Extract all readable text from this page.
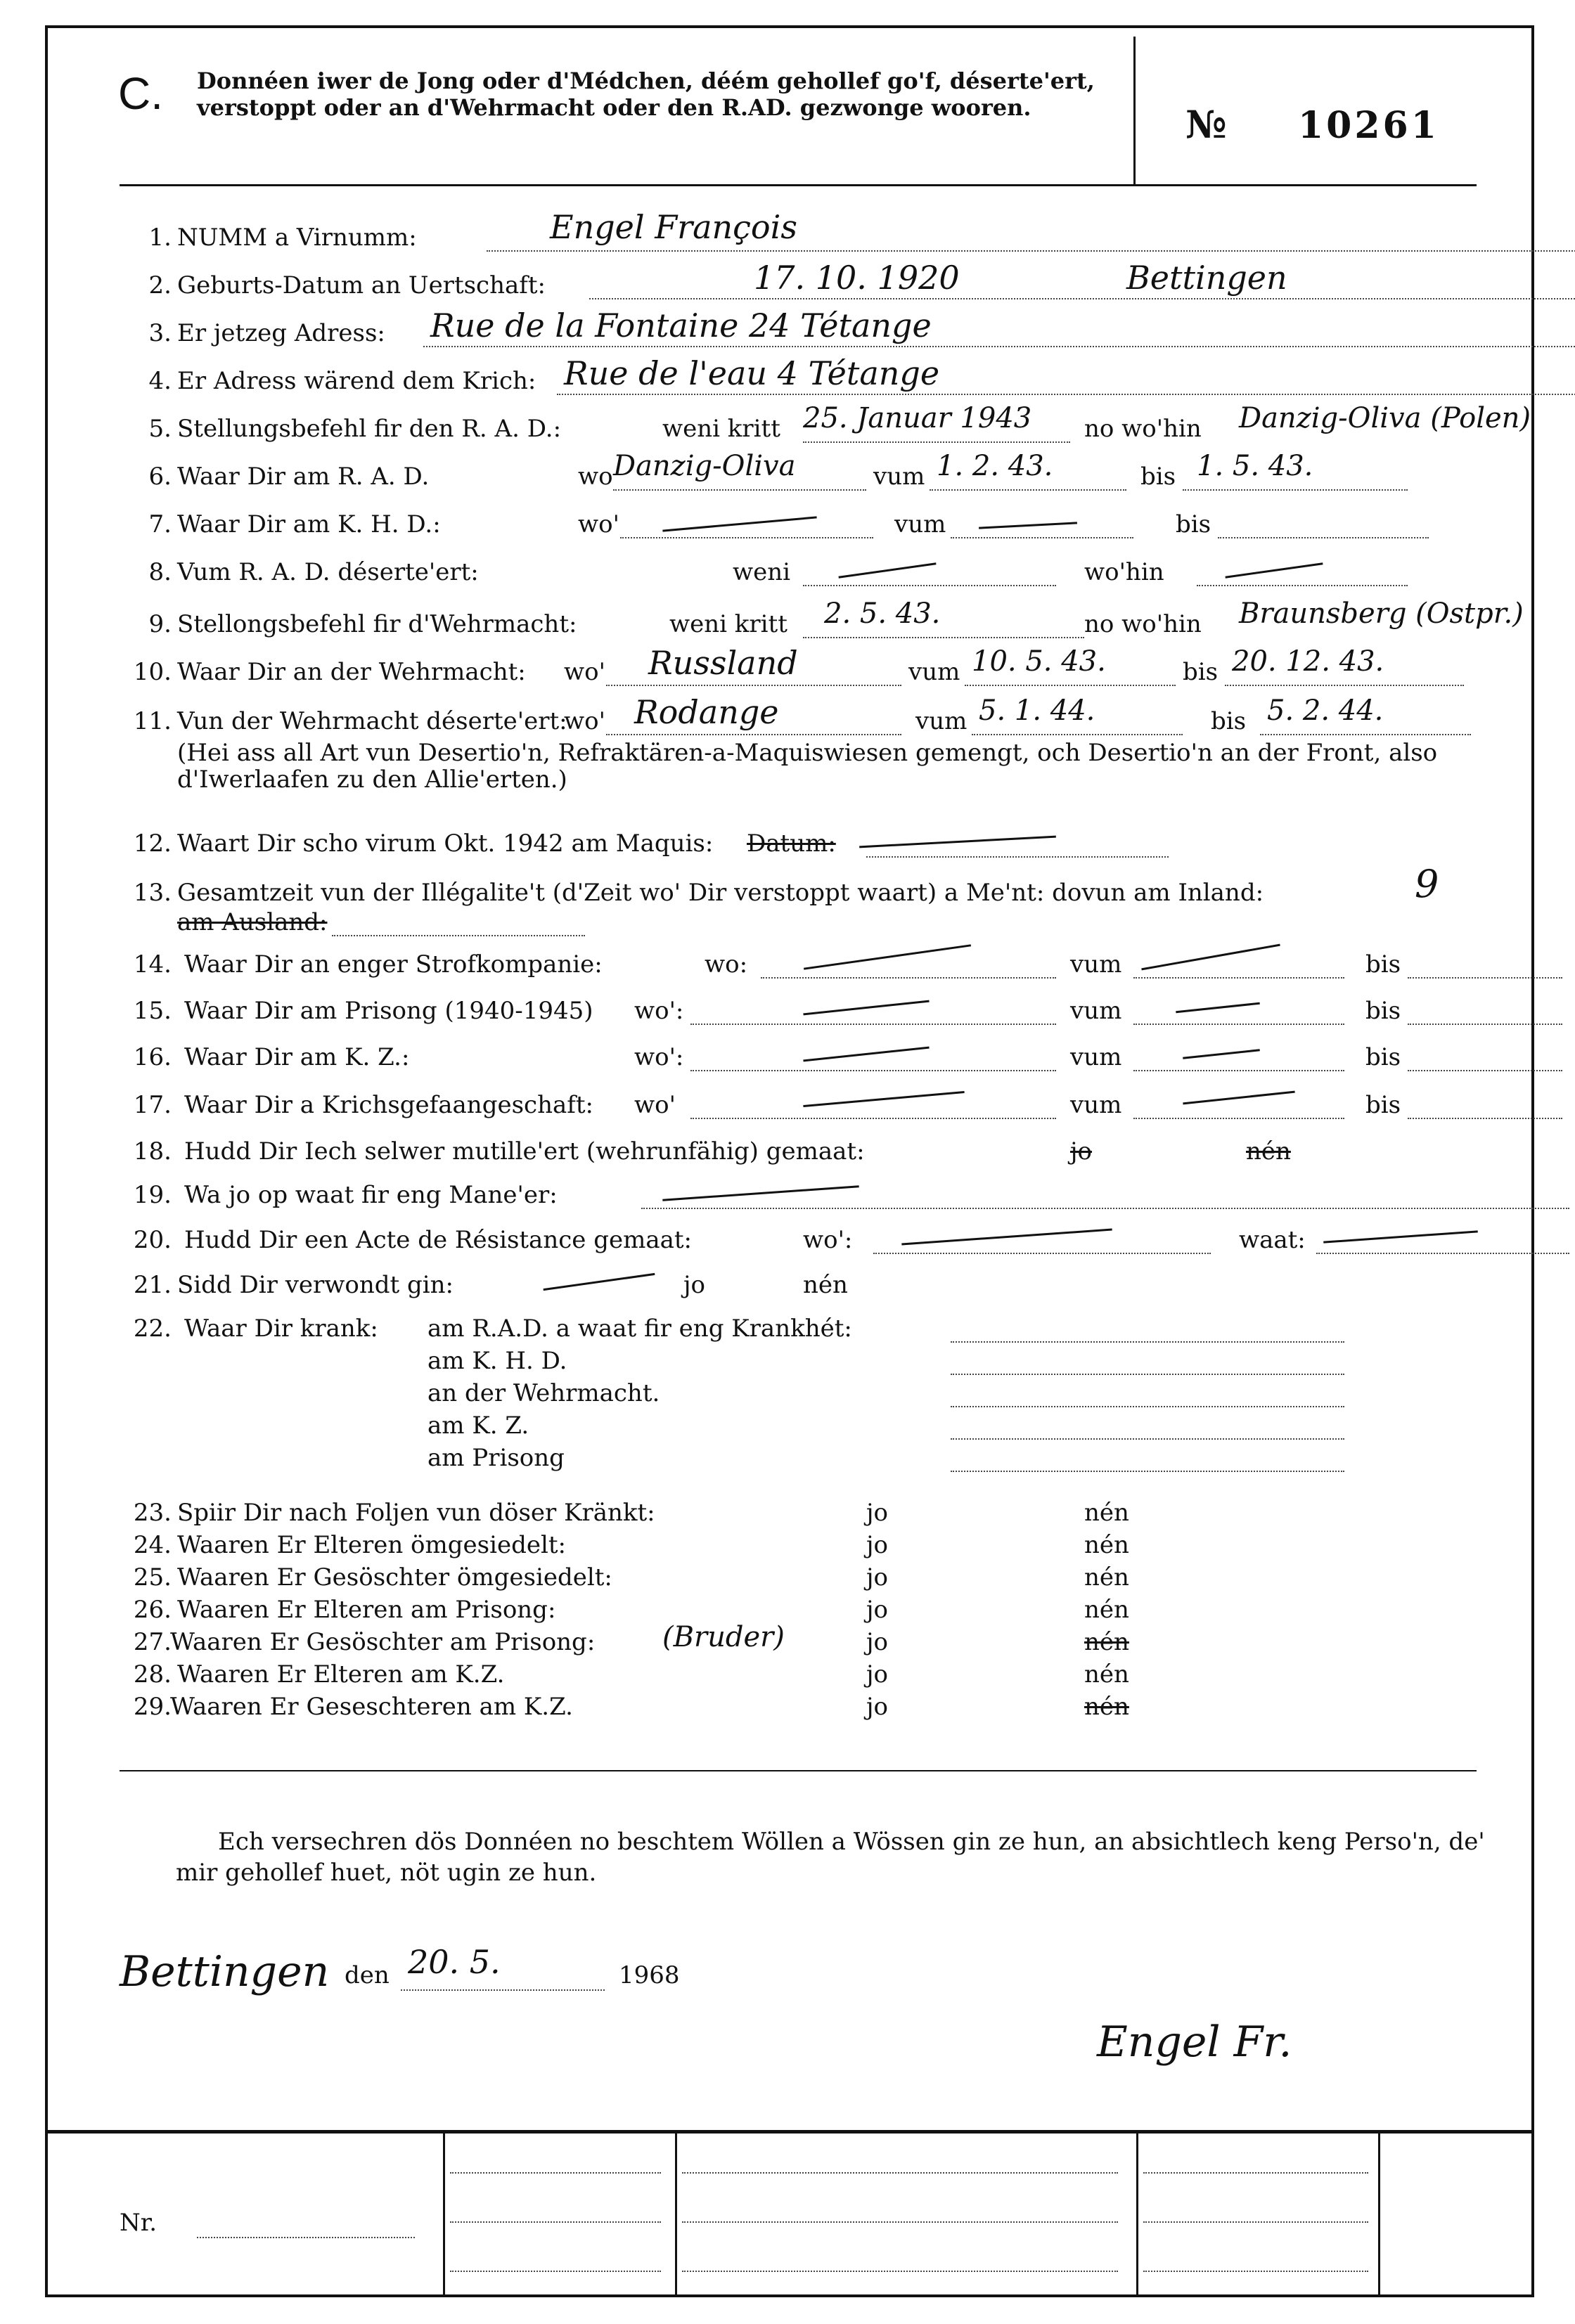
C. Donnéen iwer de Jong oder d'Médchen, déém gehollef go'f, déserte'ert, verstoppt oder an d'Wehrmacht oder den R.AD. gezwonge wooren.	№ 10261
1. NUMM a Virnumm:	Engel François
2. Geburts-Datum an Uertschaft:	17. 10. 1920	Bettingen
3. Er jetzeg Adress: Rue de la Fontaine 24 Tétange
4. Er Adress wärend dem Krich: Rue de l'eau 4 Tétange
5. Stellungsbefehl fir den R. A. D.:	weni kritt 25. Januar 1943 no wo'hin Danzig-Oliva (Polen)
6. Waar Dir am R. A. D.	wo Danzig-Oliva	vum 1. 2. 43.	bis 1. 5. 43.
7. Waar Dir am K. H. D.:	wo'	vum	bis
8. Vum R. A. D. déserte'ert:	weni	wo'hin
9. Stellongsbefehl fir d'Wehrmacht:	weni kritt 2. 5. 43.	no wo'hin Braunsberg (Ostpr.)
10. Waar Dir an der Wehrmacht: wo' Russland	vum 10. 5. 43.	bis 20. 12. 43.
11. Vun der Wehrmacht déserte'ert:
wo' Rodange	vum 5. 1. 44.	bis 5. 2. 44.
(Hei ass all Art vun Desertio'n, Refraktären-a-Maquiswiesen gemengt, och Desertio'n an der Front, also d'Iwerlaafen zu den Allie'erten.)
12. Waart Dir scho virum Okt. 1942 am Maquis: Datum:
13. Gesamtzeit vun der Illégalite't (d'Zeit wo' Dir verstoppt waart) a Me'nt: dovun am Inland:	9
am Ausland:
14. Waar Dir an enger Strofkompanie:	wo:	vum	bis
15. Waar Dir am Prisong (1940-1945) wo':	vum	bis
16. Waar Dir am K. Z.:	wo':	vum	bis
17. Waar Dir a Krichsgefaangeschaft: wo'	vum	bis
18. Hudd Dir Iech selwer mutille'ert (wehrunfähig) gemaat:	jo	nén
19. Wa jo op waat fir eng Mane'er:
20. Hudd Dir een Acte de Résistance gemaat:	wo':	waat:
21. Sidd Dir verwondt gin:	jo	nén
22. Waar Dir krank: am R.A.D. a waat fir eng Krankhét:
am K. H. D.
an der Wehrmacht.
am K. Z.
am Prisong
23. Spiir Dir nach Foljen vun döser Kränkt:	jo	nén
24. Waaren Er Elteren ömgesiedelt:	jo	nén
25. Waaren Er Gesöschter ömgesiedelt:	jo	nén
26. Waaren Er Elteren am Prisong:	jo	nén
27.
Waaren Er Gesöschter am Prisong: (Bruder)	jo	nén
28. Waaren Er Elteren am K.Z.	jo	nén
29.
Waaren Er Geseschteren am K.Z.	jo	nén
Ech versechren dös Donnéen no beschtem Wöllen a Wössen gin ze hun, an absichtlech keng Perso'n, de' mir gehollef huet, nöt ugin ze hun.
Bettingen den 20. 5.	1968
Engel Fr.
Nr.
